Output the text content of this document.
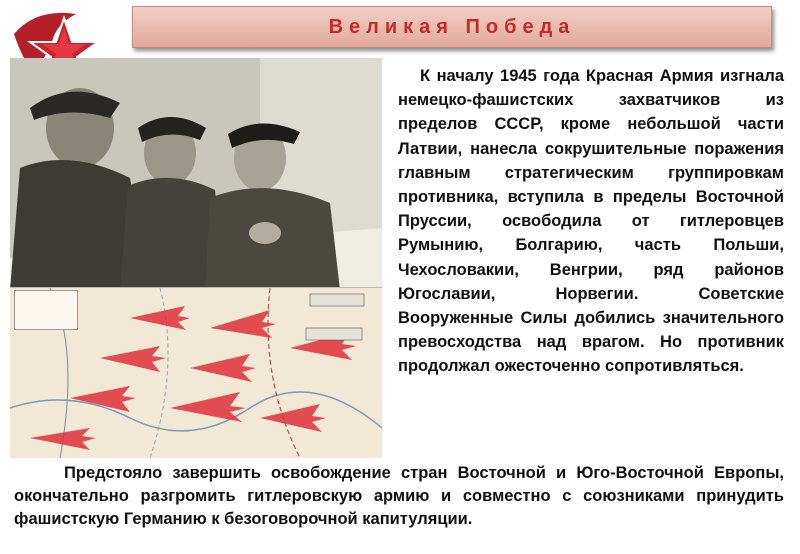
Великая Победа

К началу 1945 года Красная Армия изгнала немецко-фашистских захватчиков из пределов СССР, кроме небольшой части Латвии, нанесла сокрушительные поражения главным стратегическим группировкам противника, вступила в пределы Восточной Пруссии, освободила от гитлеровцев Румынию, Болгарию, часть Польши, Чехословакии, Венгрии, ряд районов Югославии, Норвегии. Советские Вооруженные Силы добились значительного превосходства над врагом. Но противник продолжал ожесточенно сопротивляться.

Предстояло завершить освобождение стран Восточной и Юго-Восточной Европы, окончательно разгромить гитлеровскую армию и совместно с союзниками принудить фашистскую Германию к безоговорочной капитуляции.
